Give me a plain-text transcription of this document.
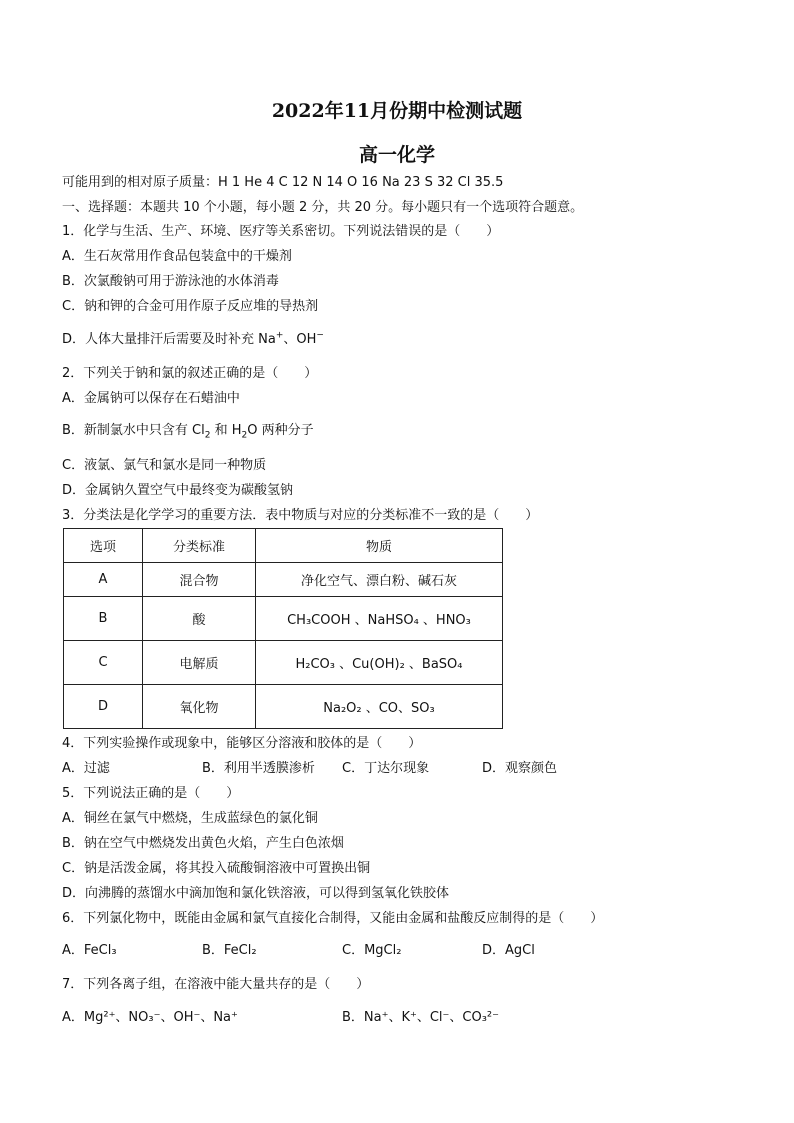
2022年11月份期中检测试题
高一化学
可能用到的相对原子质量：H 1 He 4 C 12 N 14 O 16 Na 23 S 32 Cl 35.5
一、选择题：本题共 10 个小题，每小题 2 分，共 20 分。每小题只有一个选项符合题意。
1．化学与生活、生产、环境、医疗等关系密切。下列说法错误的是（　　）
A．生石灰常用作食品包装盒中的干燥剂
B．次氯酸钠可用于游泳池的水体消毒
C．钠和钾的合金可用作原子反应堆的导热剂
D．人体大量排汗后需要及时补充 Na+、OH−
2．下列关于钠和氯的叙述正确的是（　　）
A．金属钠可以保存在石蜡油中
B．新制氯水中只含有 $Cl_2$ 和 $H_2O$ 两种分子
C．液氯、氯气和氯水是同一种物质
D．金属钠久置空气中最终变为碳酸氢钠
3．分类法是化学学习的重要方法．表中物质与对应的分类标准不一致的是（　　）
选项	分类标准	物质
A	混合物	净化空气、漂白粉、碱石灰
B	酸	CH₃COOH 、NaHSO₄ 、HNO₃
C	电解质	H₂CO₃ 、Cu(OH)₂ 、BaSO₄
D	氧化物	Na₂O₂ 、CO、SO₃
4．下列实验操作或现象中，能够区分溶液和胶体的是（　　）
A．过滤	B．利用半透膜渗析 C．丁达尔现象	D．观察颜色
5．下列说法正确的是（　　）
A．铜丝在氯气中燃烧，生成蓝绿色的氯化铜
B．钠在空气中燃烧发出黄色火焰，产生白色浓烟
C．钠是活泼金属，将其投入硫酸铜溶液中可置换出铜
D．向沸腾的蒸馏水中滴加饱和氯化铁溶液，可以得到氢氧化铁胶体
6．下列氯化物中，既能由金属和氯气直接化合制得，又能由金属和盐酸反应制得的是（　　）
A．FeCl₃	B．FeCl₂	C．MgCl₂	D．AgCl
7．下列各离子组，在溶液中能大量共存的是（　　）
A．Mg²⁺、NO₃⁻、OH⁻、Na⁺	B．Na⁺、K⁺、Cl⁻、CO₃²⁻
